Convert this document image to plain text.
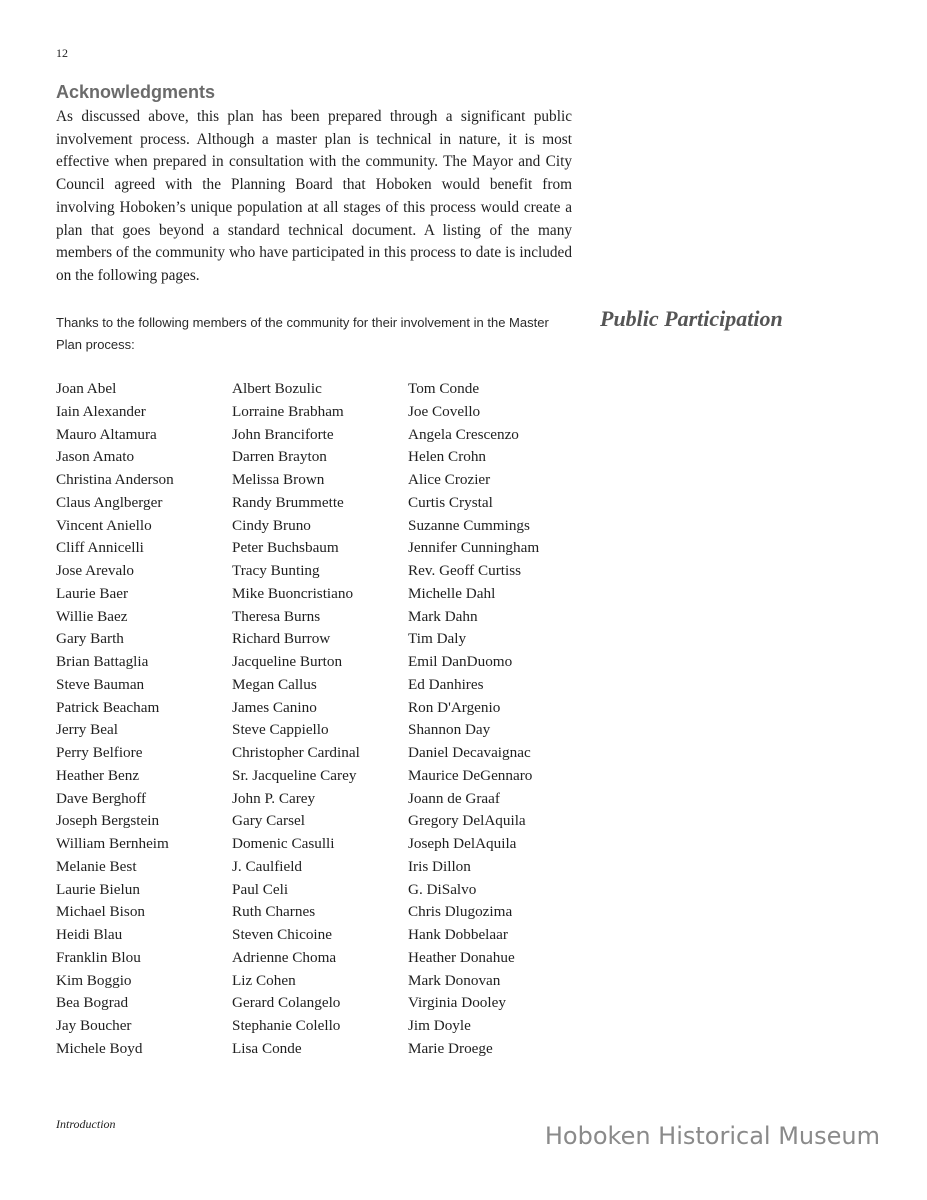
12
Acknowledgments

As discussed above, this plan has been prepared through a significant public involvement process. Although a master plan is technical in nature, it is most effective when prepared in consultation with the community. The Mayor and City Council agreed with the Planning Board that Hoboken would benefit from involving Hoboken’s unique population at all stages of this process would create a plan that goes beyond a standard technical document. A listing of the many members of the community who have participated in this process to date is included on the following pages.

Thanks to the following members of the community for their involvement in the Master Plan process:

Public Participation
Joan Abel
Iain Alexander
Mauro Altamura
Jason Amato
Christina Anderson
Claus Anglberger
Vincent Aniello
Cliff Annicelli
Jose Arevalo
Laurie Baer
Willie Baez
Gary Barth
Brian Battaglia
Steve Bauman
Patrick Beacham
Jerry Beal
Perry Belfiore
Heather Benz
Dave Berghoff
Joseph Bergstein
William Bernheim
Melanie Best
Laurie Bielun
Michael Bison
Heidi Blau
Franklin Blou
Kim Boggio
Bea Bograd
Jay Boucher
Michele Boyd
Albert Bozulic
Lorraine Brabham
John Branciforte
Darren Brayton
Melissa Brown
Randy Brummette
Cindy Bruno
Peter Buchsbaum
Tracy Bunting
Mike Buoncristiano
Theresa Burns
Richard Burrow
Jacqueline Burton
Megan Callus
James Canino
Steve Cappiello
Christopher Cardinal
Sr. Jacqueline Carey
John P. Carey
Gary Carsel
Domenic Casulli
J. Caulfield
Paul Celi
Ruth Charnes
Steven Chicoine
Adrienne Choma
Liz Cohen
Gerard Colangelo
Stephanie Colello
Lisa Conde
Tom Conde
Joe Covello
Angela Crescenzo
Helen Crohn
Alice Crozier
Curtis Crystal
Suzanne Cummings
Jennifer Cunningham
Rev. Geoff Curtiss
Michelle Dahl
Mark Dahn
Tim Daly
Emil DanDuomo
Ed Danhires
Ron D'Argenio
Shannon Day
Daniel Decavaignac
Maurice DeGennaro
Joann de Graaf
Gregory DelAquila
Joseph DelAquila
Iris Dillon
G. DiSalvo
Chris Dlugozima
Hank Dobbelaar
Heather Donahue
Mark Donovan
Virginia Dooley
Jim Doyle
Marie Droege
Introduction	Hoboken Historical Museum
